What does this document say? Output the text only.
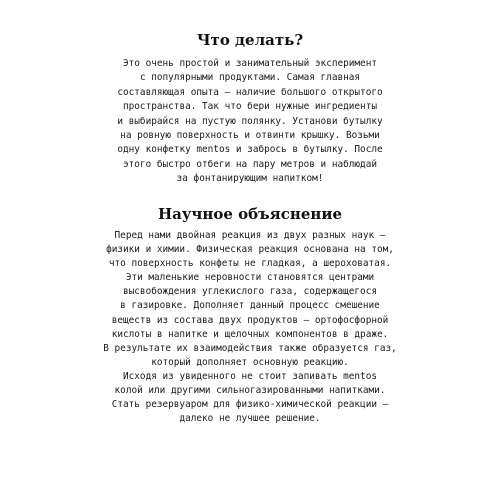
Что делать?
Это очень простой и занимательный эксперимент
с популярными продуктами. Самая главная
составляющая опыта — наличие большого открытого
пространства. Так что бери нужные ингредиенты
и выбирайся на пустую полянку. Установи бутылку
на ровную поверхность и отвинти крышку. Возьми
одну конфетку mentos и забрось в бутылку. После
этого быстро отбеги на пару метров и наблюдай
за фонтанирующим напитком!
Научное объяснение
Перед нами двойная реакция из двух разных наук —
физики и химии. Физическая реакция основана на том,
что поверхность конфеты не гладкая, а шероховатая.
Эти маленькие неровности становятся центрами
высвобождения углекислого газа, содержащегося
в газировке. Дополняет данный процесс смешение
веществ из состава двух продуктов — ортофосфорной
кислоты в напитке и щелочных компонентов в драже.
В результате их взаимодействия также образуется газ,
который дополняет основную реакцию.
Исходя из увиденного не стоит запивать mentos
колой или другими сильногазированными напитками.
Стать резервуаром для физико-химической реакции —
далеко не лучшее решение.
